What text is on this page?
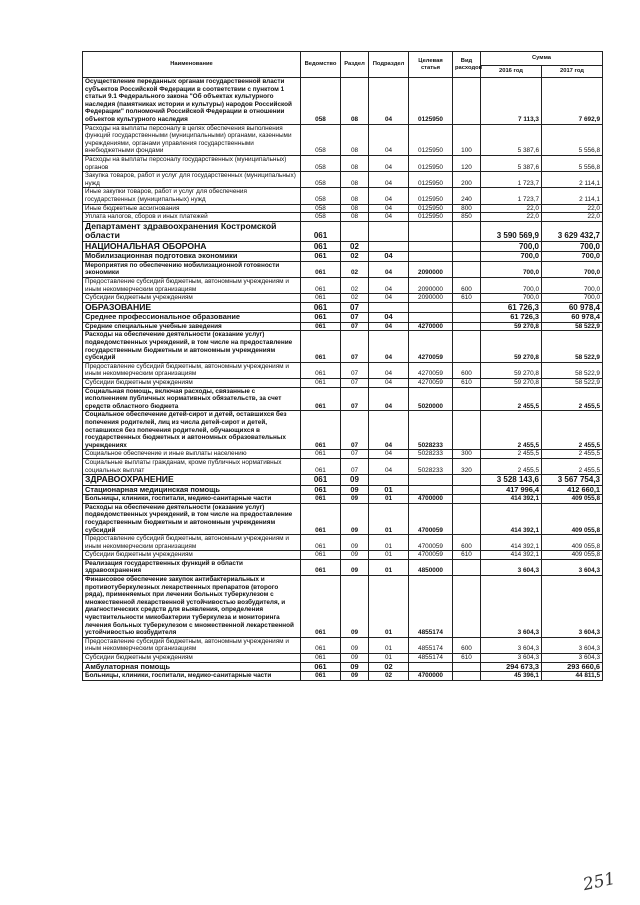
Наименование	Ведомство	Раздел	Подраздел	Целевая статья	Вид расходов	Сумма	
						2016 год	2017 год
Осуществление переданных органам государственной власти субъектов Российской Федерации в соответствии с пунктом 1 статьи 9.1 Федерального закона "Об объектах культурного наследия (памятниках истории и культуры) народов Российской Федерации" полномочий Российской Федерации в отношении объектов культурного наследия	058	08	04	0125950		7 113,3	7 692,9
Расходы на выплаты персоналу в целях обеспечения выполнения функций государственными (муниципальными) органами, казенными учреждениями, органами управления государственными внебюджетными фондами	058	08	04	0125950	100	5 387,6	5 556,8
Расходы на выплаты персоналу государственных (муниципальных) органов	058	08	04	0125950	120	5 387,6	5 556,8
Закупка товаров, работ и услуг для государственных (муниципальных) нужд	058	08	04	0125950	200	1 723,7	2 114,1
Иные закупки товаров, работ и услуг для обеспечения государственных (муниципальных) нужд	058	08	04	0125950	240	1 723,7	2 114,1
Иные бюджетные ассигнования	058	08	04	0125950	800	22,0	22,0
Уплата налогов, сборов и иных платежей	058	08	04	0125950	850	22,0	22,0
Департамент здравоохранения Костромской области	061					3 590 569,9	3 629 432,7
НАЦИОНАЛЬНАЯ ОБОРОНА	061	02				700,0	700,0
Мобилизационная подготовка экономики	061	02	04			700,0	700,0
Мероприятия по обеспечению мобилизационной готовности экономики	061	02	04	2090000		700,0	700,0
Предоставление субсидий бюджетным, автономным учреждениям и иным некоммерческим организациям	061	02	04	2090000	600	700,0	700,0
Субсидии бюджетным учреждениям	061	02	04	2090000	610	700,0	700,0
ОБРАЗОВАНИЕ	061	07				61 726,3	60 978,4
Среднее профессиональное образование	061	07	04			61 726,3	60 978,4
Средние специальные учебные заведения	061	07	04	4270000		59 270,8	58 522,9
Расходы на обеспечение деятельности (оказание услуг) подведомственных учреждений, в том числе на предоставление государственным бюджетным и автономным учреждениям субсидий	061	07	04	4270059		59 270,8	58 522,9
Предоставление субсидий бюджетным, автономным учреждениям и иным некоммерческим организациям	061	07	04	4270059	600	59 270,8	58 522,9
Субсидии бюджетным учреждениям	061	07	04	4270059	610	59 270,8	58 522,9
Социальная помощь, включая расходы, связанные с исполнением публичных нормативных обязательств, за счет средств областного бюджета	061	07	04	5020000		2 455,5	2 455,5
Социальное обеспечение детей-сирот и детей, оставшихся без попечения родителей, лиц из числа детей-сирот и детей, оставшихся без попечения родителей, обучающихся в государственных бюджетных и автономных образовательных учреждениях	061	07	04	5028233		2 455,5	2 455,5
Социальное обеспечение и иные выплаты населению	061	07	04	5028233	300	2 455,5	2 455,5
Социальные выплаты гражданам, кроме публичных нормативных социальных выплат	061	07	04	5028233	320	2 455,5	2 455,5
ЗДРАВООХРАНЕНИЕ	061	09				3 528 143,6	3 567 754,3
Стационарная медицинская помощь	061	09	01			417 996,4	412 660,1
Больницы, клиники, госпитали, медико-санитарные части	061	09	01	4700000		414 392,1	409 055,8
Расходы на обеспечение деятельности (оказание услуг) подведомственных учреждений, в том числе на предоставление государственным бюджетным и автономным учреждениям субсидий	061	09	01	4700059		414 392,1	409 055,8
Предоставление субсидий бюджетным, автономным учреждениям и иным некоммерческим организациям	061	09	01	4700059	600	414 392,1	409 055,8
Субсидии бюджетным учреждениям	061	09	01	4700059	610	414 392,1	409 055,8
Реализация государственных функций в области здравоохранения	061	09	01	4850000		3 604,3	3 604,3
Финансовое обеспечение закупок антибактериальных и противотуберкулезных лекарственных препаратов (второго ряда), применяемых при лечении больных туберкулезом с множественной лекарственной устойчивостью возбудителя, и диагностических средств для выявления, определения чувствительности микобактерии туберкулеза и мониторинга лечения больных туберкулезом с множественной лекарственной устойчивостью возбудителя	061	09	01	4855174		3 604,3	3 604,3
Предоставление субсидий бюджетным, автономным учреждениям и иным некоммерческим организациям	061	09	01	4855174	600	3 604,3	3 604,3
Субсидии бюджетным учреждениям	061	09	01	4855174	610	3 604,3	3 604,3
Амбулаторная помощь	061	09	02			294 673,3	293 660,6
Больницы, клиники, госпитали, медико-санитарные части	061	09	02	4700000		45 396,1	44 811,5
251
